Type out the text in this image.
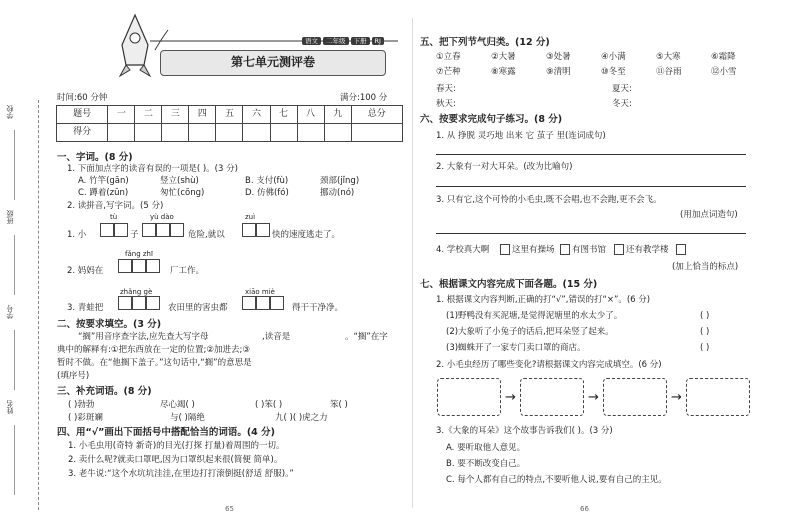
学校
班级
学号
姓名
语文 二年级 下册 RJ
第七单元测评卷
时间:60 分钟	满分:100 分
题号	一	二	三	四	五	六	七	八	九	总分
得分										
一、字词。(8 分)
1. 下面加点字的读音有误的一项是( )。(3 分)
A. 竹竿(gān)	竖立(shù)	B. 支付(fù)	颈部(jǐng)
C. 蹲着(zūn)	匆忙(cōng)	D. 仿佛(fó)	挪动(nó)
2. 读拼音,写字词。(5 分)
tù	yù dào	zuì
1. 小	子	危险,就以	快的速度逃走了。
fǎng zhī
2. 妈妈在	厂工作。
zhǎng gè	xiāo miè
3. 青蛙把	农田里的害虫都	得干干净净。
二、按要求填空。(3 分)
“搁”用音序查字法,应先查大写字母	,读音是	。“搁”在字
典中的解释有:①把东西放在一定的位置;②加进去;③
暂时不做。在“他搁下盖子。”这句话中,“搁”的意思是
(填序号)
三、补充词语。(8 分)
( )勃勃	尽心竭( )	( )笨( )	笨( )
( )彩斑斓	与( )隔绝	九( )( )虎之力
四、用“√”画出下面括号中搭配恰当的词语。(4 分)
1. 小毛虫用(奇特 新奇)的目光(打探 打量)着周围的一切。
2. 卖什么呢?就卖口罩吧,因为口罩织起来很(简便 简单)。
3. 老牛说:“这个水坑坑洼洼,在里边打打滚倒挺(舒适 舒服)。”
65
五、把下列节气归类。(12 分)
①立春	②大暑	③处暑	④小满	⑤大寒	⑥霜降
⑦芒种	⑧寒露	⑨清明	⑩冬至	⑪谷雨	⑫小雪
春天:	夏天:
秋天:	冬天:
六、按要求完成句子练习。(8 分)
1. 从 挣脱 灵巧地 出来 它 茧子 里(连词成句)
2. 大象有一对大耳朵。(改为比喻句)
3. 只有它,这个可怜的小毛虫,既不会唱,也不会跑,更不会飞。
(用加点词造句)
4. 学校真大啊	这里有操场 有图书馆 还有教学楼
(加上恰当的标点)
七、根据课文内容完成下面各题。(15 分)
1. 根据课文内容判断,正确的打“√”,错误的打“×”。(6 分)
(1)野鸭没有买泥塘,是觉得泥塘里的水太少了。	( )
(2)大象听了小兔子的话后,把耳朵竖了起来。	( )
(3)蜘蛛开了一家专门卖口罩的商店。	( )
2. 小毛虫经历了哪些变化?请根据课文内容完成填空。(6 分)
→	→	→
3.《大象的耳朵》这个故事告诉我们( )。(3 分)
A. 要听取他人意见。
B. 要不断改变自己。
C. 每个人都有自己的特点,不要听他人说,要有自己的主见。
66
